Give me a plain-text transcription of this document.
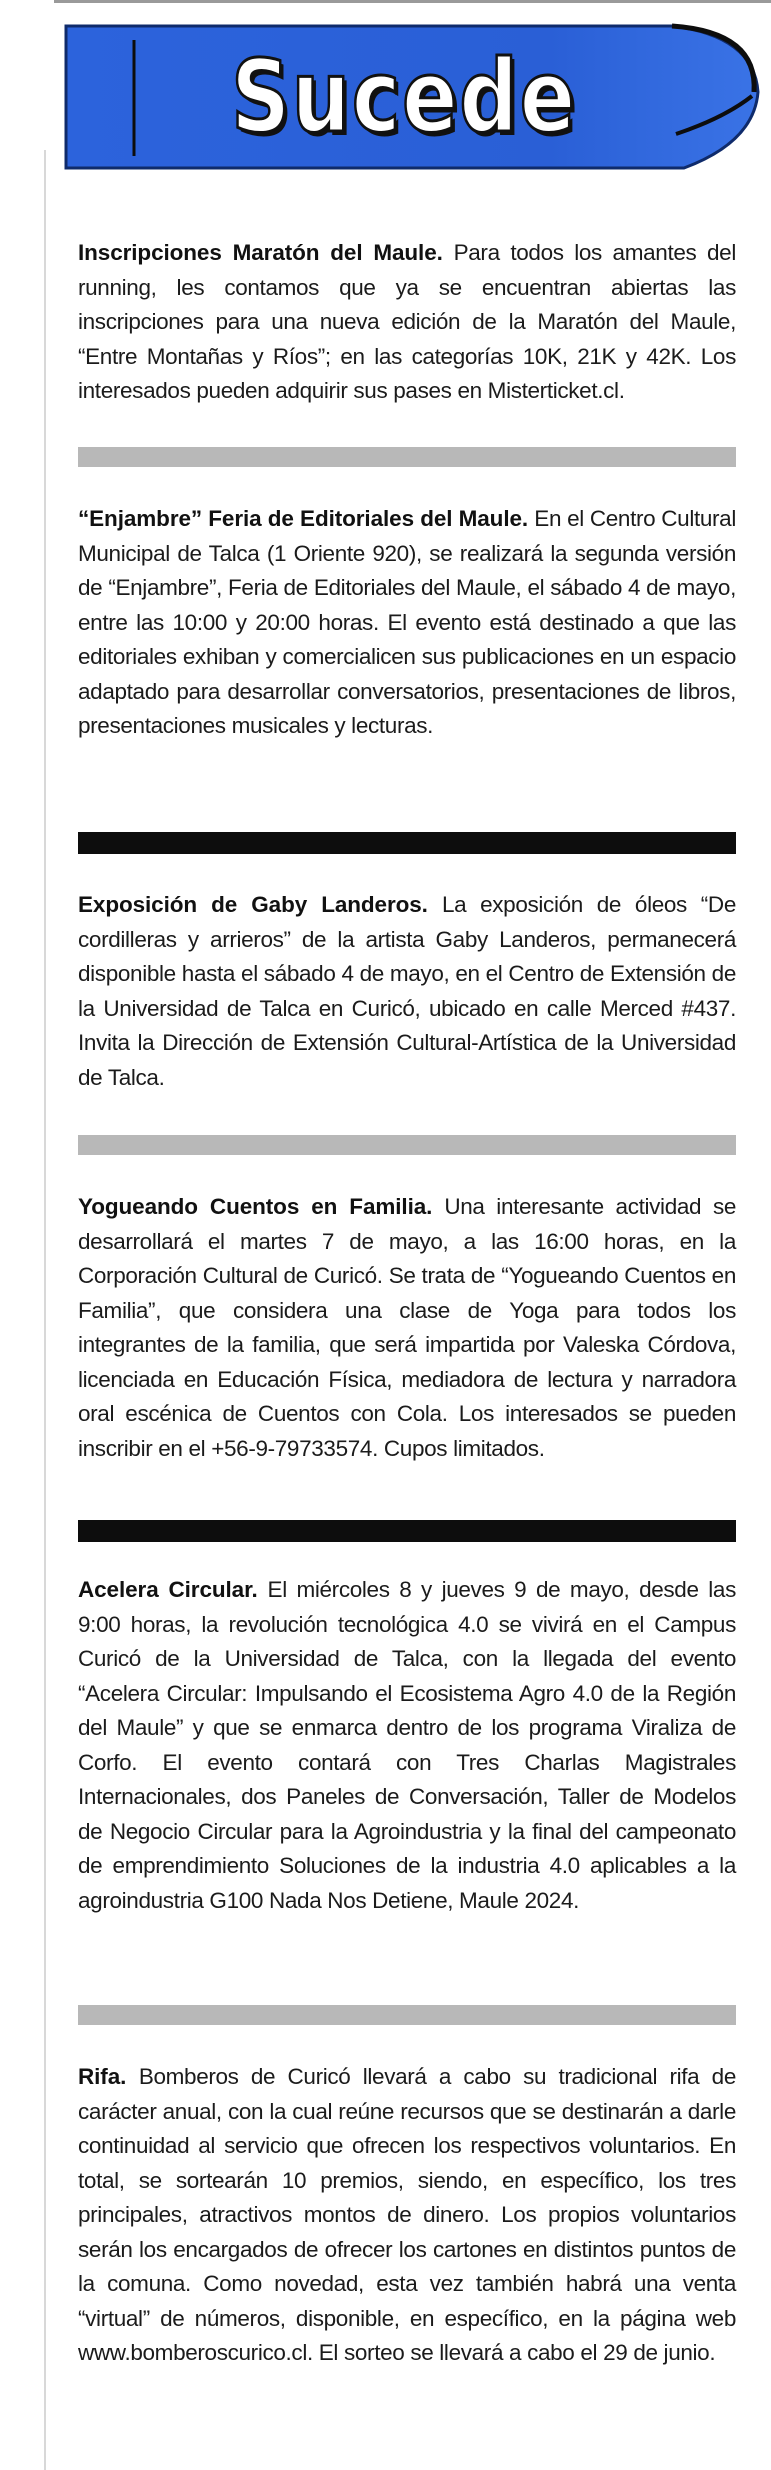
Sucede
Inscripciones Maratón del Maule. Para todos los amantes del running, les contamos que ya se encuentran abiertas las inscripciones para una nueva edición de la Maratón del Maule, “Entre Montañas y Ríos”; en las categorías 10K, 21K y 42K. Los interesados pueden adquirir sus pases en Misterticket.cl.
“Enjambre” Feria de Editoriales del Maule. En el Centro Cultural Municipal de Talca (1 Oriente 920), se realizará la segunda versión de “Enjambre”, Feria de Editoriales del Maule, el sábado 4 de mayo, entre las 10:00 y 20:00 horas. El evento está destinado a que las editoriales exhiban y comercialicen sus publicaciones en un espacio adaptado para desarrollar conversatorios, presentaciones de libros, presentaciones musicales y lecturas.
Exposición de Gaby Landeros. La exposición de óleos “De cordilleras y arrieros” de la artista Gaby Landeros, permanecerá disponible hasta el sábado 4 de mayo, en el Centro de Extensión de la Universidad de Talca en Curicó, ubicado en calle Merced #437. Invita la Dirección de Extensión Cultural-Artística de la Universidad de Talca.
Yogueando Cuentos en Familia. Una interesante actividad se desarrollará el martes 7 de mayo, a las 16:00 horas, en la Corporación Cultural de Curicó. Se trata de “Yogueando Cuentos en Familia”, que considera una clase de Yoga para todos los integrantes de la familia, que será impartida por Valeska Córdova, licenciada en Educación Física, mediadora de lectura y narradora oral escénica de Cuentos con Cola. Los interesados se pueden inscribir en el +56-9-79733574. Cupos limitados.
Acelera Circular. El miércoles 8 y jueves 9 de mayo, desde las 9:00 horas, la revolución tecnológica 4.0 se vivirá en el Campus Curicó de la Universidad de Talca, con la llegada del evento “Acelera Circular: Impulsando el Ecosistema Agro 4.0 de la Región del Maule” y que se enmarca dentro de los programa Viraliza de Corfo. El evento contará con Tres Charlas Magistrales Internacionales, dos Paneles de Conversación, Taller de Modelos de Negocio Circular para la Agroindustria y la final del campeonato de emprendimiento Soluciones de la industria 4.0 aplicables a la agroindustria G100 Nada Nos Detiene, Maule 2024.
Rifa. Bomberos de Curicó llevará a cabo su tradicional rifa de carácter anual, con la cual reúne recursos que se destinarán a darle continuidad al servicio que ofrecen los respectivos voluntarios. En total, se sortearán 10 premios, siendo, en específico, los tres principales, atractivos montos de dinero. Los propios voluntarios serán los encargados de ofrecer los cartones en distintos puntos de la comuna. Como novedad, esta vez también habrá una venta “virtual” de números, disponible, en específico, en la página web www.bomberoscurico.cl. El sorteo se llevará a cabo el 29 de junio.
